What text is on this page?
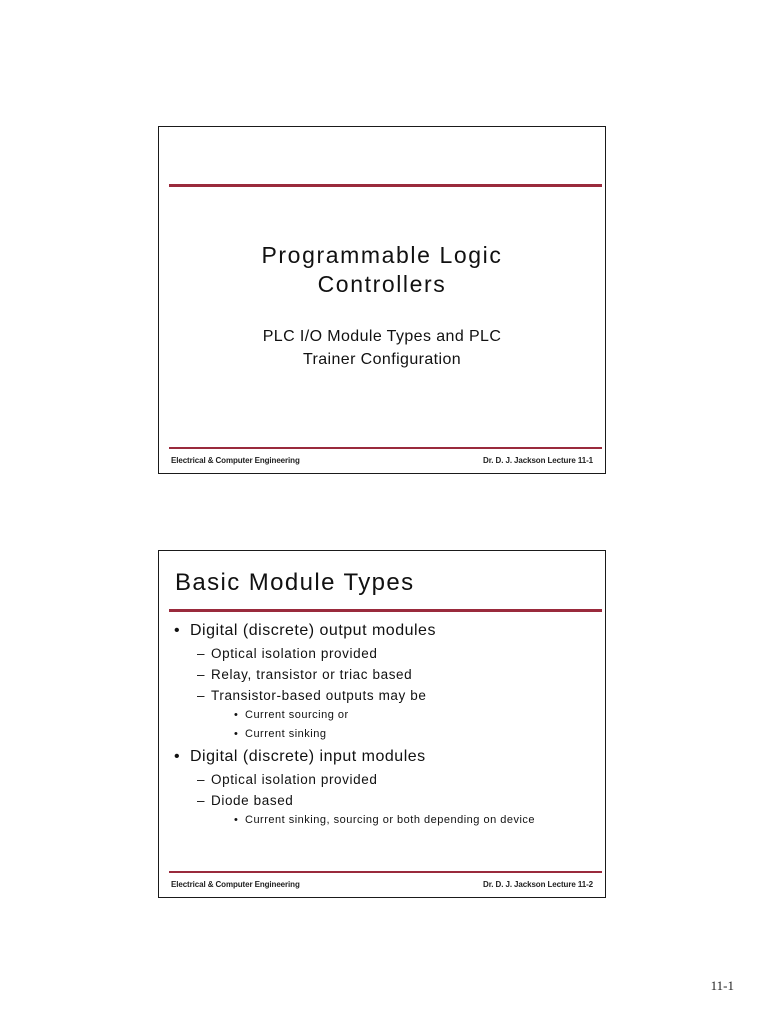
Programmable Logic
Controllers
PLC I/O Module Types and PLC
Trainer Configuration
Electrical & Computer Engineering	Dr. D. J. Jackson Lecture 11-1
Basic Module Types
• Digital (discrete) output modules
– Optical isolation provided
– Relay, transistor or triac based
– Transistor-based outputs may be
• Current sourcing or
• Current sinking
• Digital (discrete) input modules
– Optical isolation provided
– Diode based
• Current sinking, sourcing or both depending on device
Electrical & Computer Engineering	Dr. D. J. Jackson Lecture 11-2
11-1
